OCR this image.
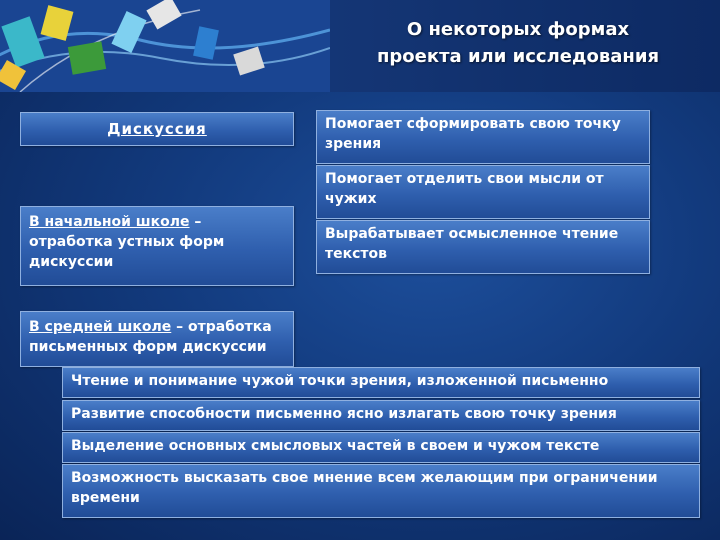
О некоторых формах
проекта или исследования
Дискуссия
В начальной школе – отработка устных форм дискуссии
В средней школе – отработка письменных форм дискуссии
Помогает сформировать свою точку зрения
Помогает отделить свои мысли от чужих
Вырабатывает осмысленное чтение текстов
Чтение и понимание чужой точки зрения, изложенной письменно
Развитие способности письменно ясно излагать свою точку зрения
Выделение основных смысловых частей в своем и чужом тексте
Возможность высказать свое мнение всем желающим при ограничении времени
